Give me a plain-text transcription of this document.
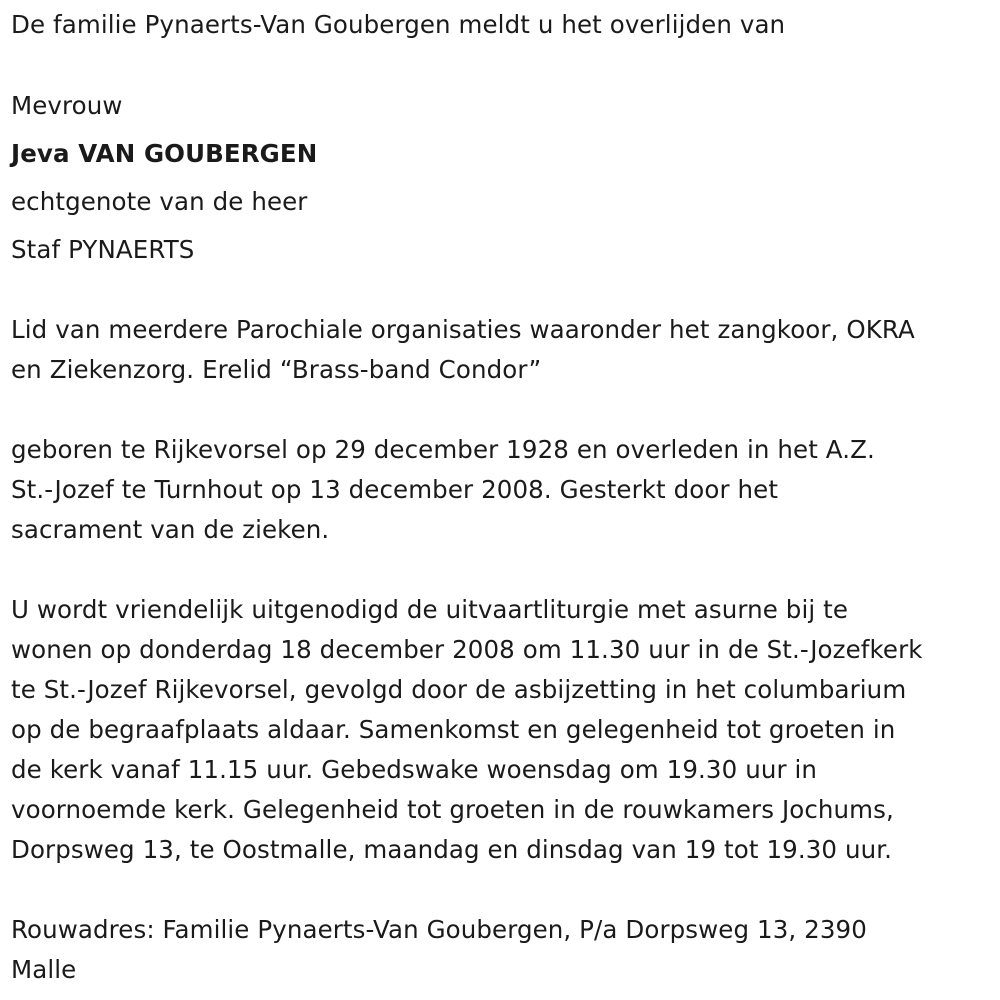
De familie Pynaerts-Van Goubergen meldt u het overlijden van
Mevrouw
Jeva VAN GOUBERGEN
echtgenote van de heer
Staf PYNAERTS
Lid van meerdere Parochiale organisaties waaronder het zangkoor, OKRA
en Ziekenzorg. Erelid “Brass-band Condor”
geboren te Rijkevorsel op 29 december 1928 en overleden in het A.Z.
St.-Jozef te Turnhout op 13 december 2008. Gesterkt door het
sacrament van de zieken.
U wordt vriendelijk uitgenodigd de uitvaartliturgie met asurne bij te
wonen op donderdag 18 december 2008 om 11.30 uur in de St.-Jozefkerk
te St.-Jozef Rijkevorsel, gevolgd door de asbijzetting in het columbarium
op de begraafplaats aldaar. Samenkomst en gelegenheid tot groeten in
de kerk vanaf 11.15 uur. Gebedswake woensdag om 19.30 uur in
voornoemde kerk. Gelegenheid tot groeten in de rouwkamers Jochums,
Dorpsweg 13, te Oostmalle, maandag en dinsdag van 19 tot 19.30 uur.
Rouwadres: Familie Pynaerts-Van Goubergen, P/a Dorpsweg 13, 2390
Malle
